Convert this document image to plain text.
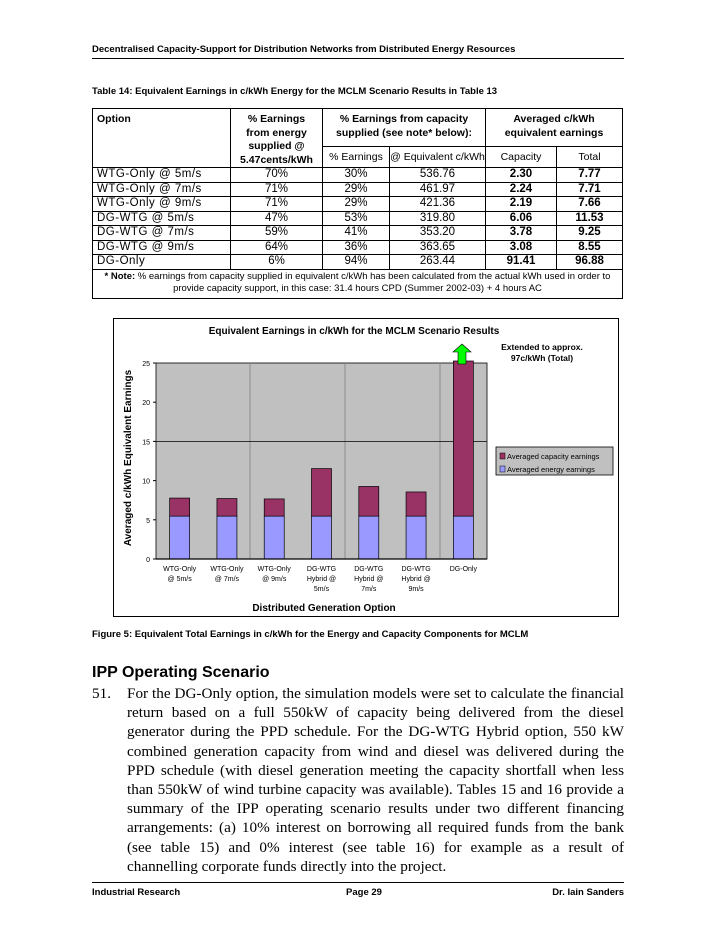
Decentralised Capacity-Support for Distribution Networks from Distributed Energy Resources
Table 14: Equivalent Earnings in c/kWh Energy for the MCLM Scenario Results in Table 13
Option	% Earnings from energy supplied @ 5.47cents/kWh	% Earnings from capacity supplied (see note* below):		Averaged c/kWh equivalent earnings	
		% Earnings	@ Equivalent c/kWh	Capacity	Total
WTG-Only @ 5m/s	70%	30%	536.76	2.30	7.77
WTG-Only @ 7m/s	71%	29%	461.97	2.24	7.71
WTG-Only @ 9m/s	71%	29%	421.36	2.19	7.66
DG-WTG @ 5m/s	47%	53%	319.80	6.06	11.53
DG-WTG @ 7m/s	59%	41%	353.20	3.78	9.25
DG-WTG @ 9m/s	64%	36%	363.65	3.08	8.55
DG-Only	6%	94%	263.44	91.41	96.88
* Note: % earnings from capacity supplied in equivalent c/kWh has been calculated from the actual kWh used in order to provide capacity support, in this case: 31.4 hours CPD (Summer 2002-03) + 4 hours AC					
Equivalent Earnings in c/kWh for the MCLM Scenario Results
0
5
10
15
20
25
WTG-Only
@ 5m/s
WTG-Only
@ 7m/s
WTG-Only
@ 9m/s
DG-WTG
Hybrid @
5m/s
DG-WTG
Hybrid @
7m/s
DG-WTG
Hybrid @
9m/s
DG-Only
Averaged c/kWh Equivalent Earnings
Distributed Generation Option
Extended to approx.
97c/kWh (Total)
Averaged capacity earnings
Averaged energy earnings
Figure 5: Equivalent Total Earnings in c/kWh for the Energy and Capacity Components for MCLM
IPP Operating Scenario
51. For the DG-Only option, the simulation models were set to calculate the financial return based on a full 550kW of capacity being delivered from the diesel generator during the PPD schedule. For the DG-WTG Hybrid option, 550 kW combined generation capacity from wind and diesel was delivered during the PPD schedule (with diesel generation meeting the capacity shortfall when less than 550kW of wind turbine capacity was available). Tables 15 and 16 provide a summary of the IPP operating scenario results under two different financing arrangements: (a) 10% interest on borrowing all required funds from the bank (see table 15) and 0% interest (see table 16) for example as a result of channelling corporate funds directly into the project.
Industrial Research	Page 29	Dr. Iain Sanders
